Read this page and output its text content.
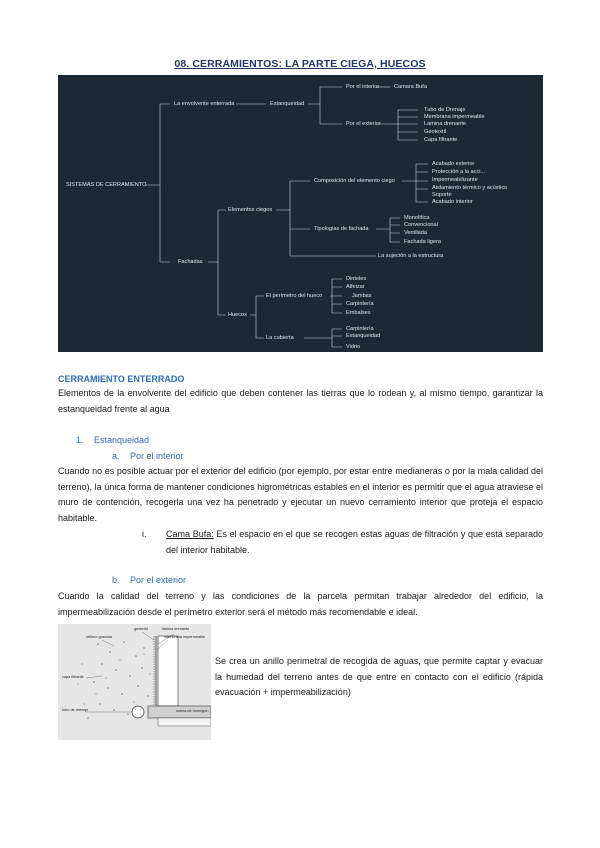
08. CERRAMIENTOS: LA PARTE CIEGA, HUECOS
SISTEMAS DE CERRAMIENTO
La envolvente enterrada	Estanqueidad
Por el interior	Camara Bufa
Por el exterior
Tubo de Drenaje
Membrana impermeable
Lamina drenante
Geotextil
Capa filtrante
Fachadas
Elementos ciegos
Composición del elemento ciego
Acabado exterior
Protección a la acci...
Impermeabilizante
Aislamiento térmico y acústico
Soporte
Acabado interior
Tipologias de fachada
Monolítica
Convencional
Ventilada
Fachada ligera
La sujeción a la estructura
Huecos
El perímetro del hueco
Dinteles
Alfeizar
Jambas
Carpintería
Embalses
La cubierta
Carpintería
Estanqueidad
Vidrio
CERRAMIENTO ENTERRADO
Elementos de la envolvente del edificio que deben contener las tierras que lo rodean y, al mismo tiempo, garantizar la estanqueidad frente al agua
1. Estanqueidad
a. Por el interior
Cuando no es posible actuar por el exterior del edificio (por ejemplo, por estar entre medianeras o por la mala calidad del terreno), la única forma de mantener condiciones higrométricas estables en el interior es permitir que el agua atraviese el muro de contención, recogerla una vez ha penetrado y ejecutar un nuevo cerramiento interior que proteja el espacio habitable.
i. Cama Bufa: Es el espacio en el que se recogen estas aguas de filtración y que está separado del interior habitable.
b. Por el exterior
Cuando la calidad del terreno y las condiciones de la parcela permitan trabajar alrededor del edificio, la impermeabilización desde el perímetro exterior será el método más recomendable e ideal.
geotextil	lámina drenante
relleno granular	membrana impermeable
capa filtrante
tubo de drenaje	solera de hormigón
Se crea un anillo perimetral de recogida de aguas, que permite captar y evacuar la humedad del terreno antes de que entre en contacto con el edificio (rápida evacuación + impermeabilización)
